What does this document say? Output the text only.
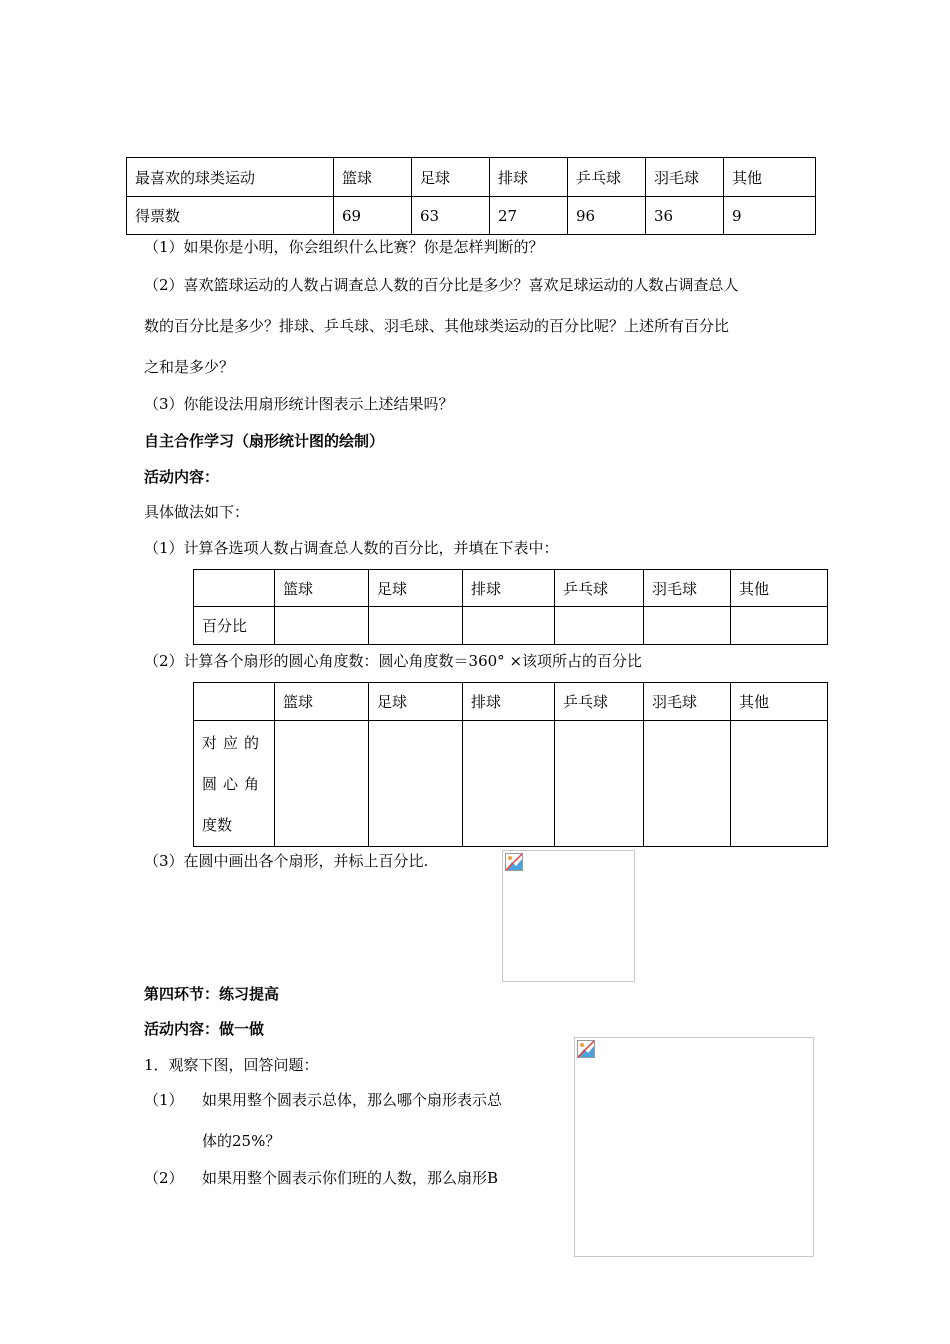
最喜欢的球类运动	篮球	足球	排球	乒乓球	羽毛球	其他
得票数	69	63	27	96	36	9
（1）如果你是小明，你会组织什么比赛？你是怎样判断的？
（2）喜欢篮球运动的人数占调查总人数的百分比是多少？喜欢足球运动的人数占调查总人
数的百分比是多少？排球、乒乓球、羽毛球、其他球类运动的百分比呢？上述所有百分比
之和是多少？
（3）你能设法用扇形统计图表示上述结果吗？
自主合作学习（扇形统计图的绘制）
活动内容：
具体做法如下：
（1）计算各选项人数占调查总人数的百分比，并填在下表中：
	篮球	足球	排球	乒乓球	羽毛球	其他
百分比						
（2）计算各个扇形的圆心角度数：圆心角度数＝360° ×该项所占的百分比
	篮球	足球	排球	乒乓球	羽毛球	其他

对应的
圆心角
度数						

（3）在圆中画出各个扇形，并标上百分比.
第四环节：练习提高
活动内容：做一做
1．观察下图，回答问题：
（1） 如果用整个圆表示总体，那么哪个扇形表示总
体的25%？
（2） 如果用整个圆表示你们班的人数，那么扇形B
